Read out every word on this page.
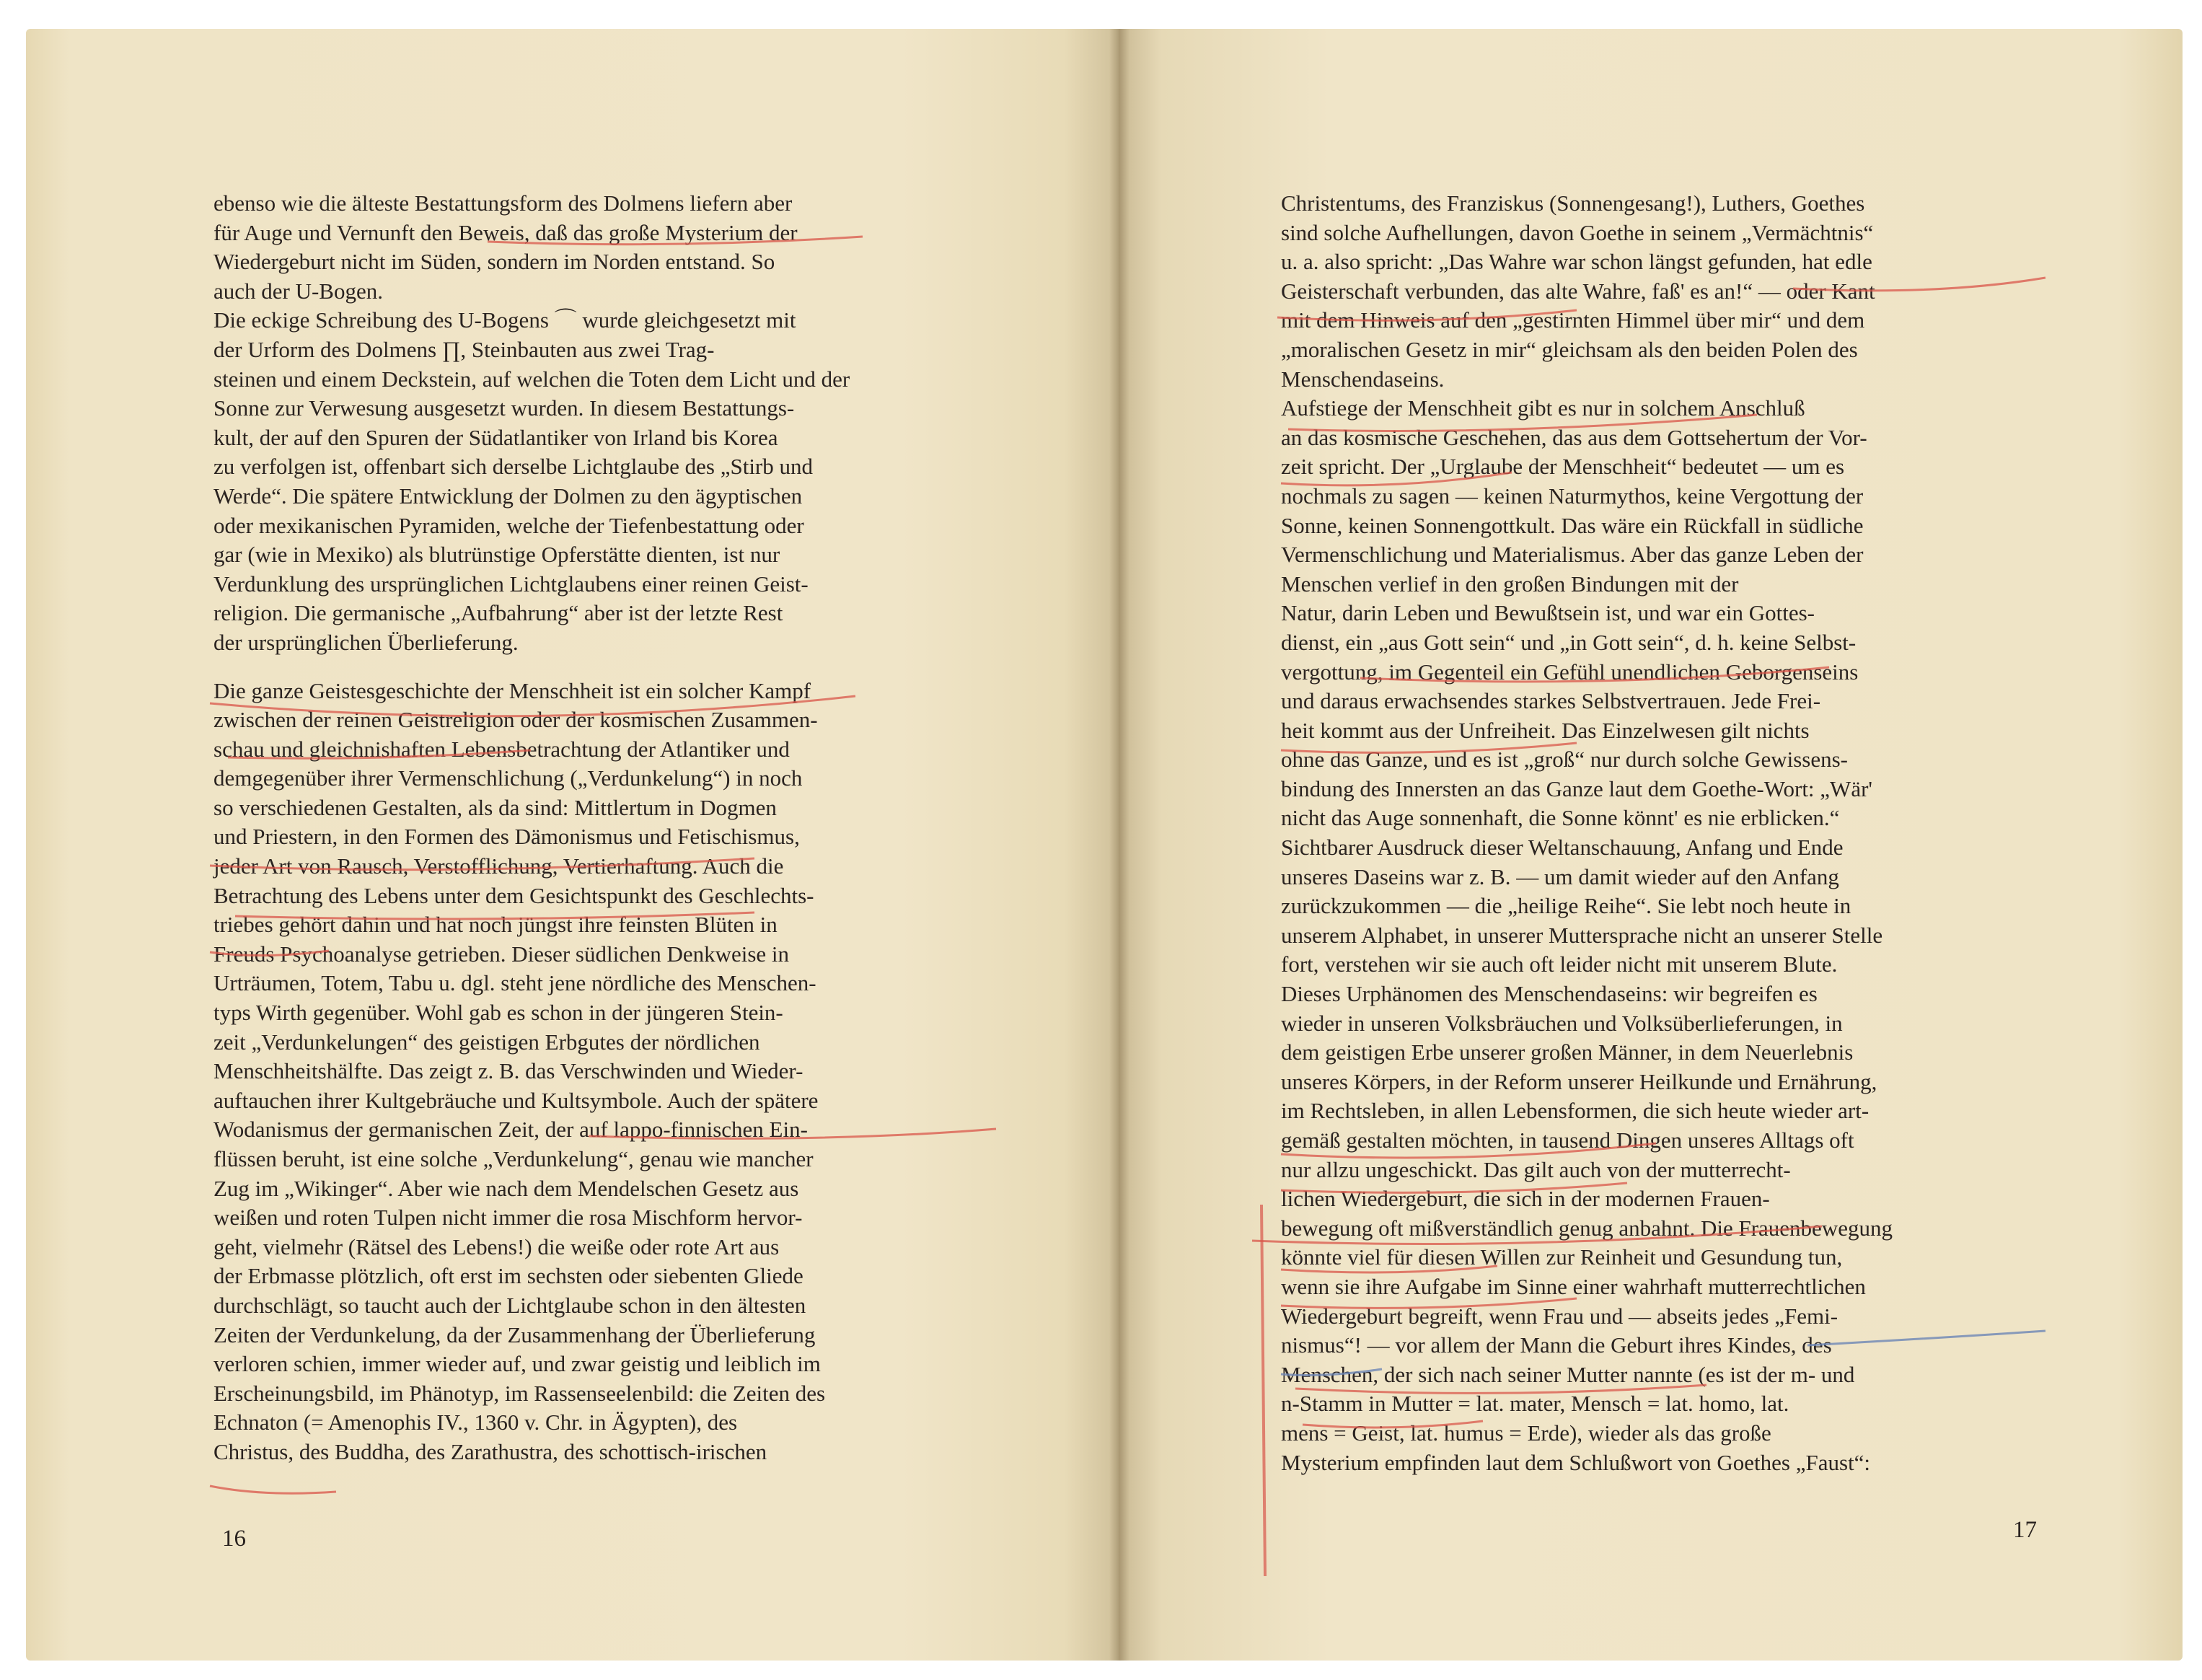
ebenso wie die älteste Bestattungsform des Dolmens liefern aber
für Auge und Vernunft den Beweis, daß das große Mysterium der
Wiedergeburt nicht im Süden, sondern im Norden entstand. So
auch der U-Bogen.
Die eckige Schreibung des U-Bogens ⌒ wurde gleichgesetzt mit
der Urform des Dolmens ∏, Steinbauten aus zwei Trag-
steinen und einem Deckstein, auf welchen die Toten dem Licht und der
Sonne zur Verwesung ausgesetzt wurden. In diesem Bestattungs-
kult, der auf den Spuren der Südatlantiker von Irland bis Korea
zu verfolgen ist, offenbart sich derselbe Lichtglaube des „Stirb und
Werde“. Die spätere Entwicklung der Dolmen zu den ägyptischen
oder mexikanischen Pyramiden, welche der Tiefenbestattung oder
gar (wie in Mexiko) als blutrünstige Opferstätte dienten, ist nur
Verdunklung des ursprünglichen Lichtglaubens einer reinen Geist-
religion. Die germanische „Aufbahrung“ aber ist der letzte Rest
der ursprünglichen Überlieferung.
Die ganze Geistesgeschichte der Menschheit ist ein solcher Kampf
zwischen der reinen Geistreligion oder der kosmischen Zusammen-
schau und gleichnishaften Lebensbetrachtung der Atlantiker und
demgegenüber ihrer Vermenschlichung („Verdunkelung“) in noch
so verschiedenen Gestalten, als da sind: Mittlertum in Dogmen
und Priestern, in den Formen des Dämonismus und Fetischismus,
jeder Art von Rausch, Verstofflichung, Vertierhaftung. Auch die
Betrachtung des Lebens unter dem Gesichtspunkt des Geschlechts-
triebes gehört dahin und hat noch jüngst ihre feinsten Blüten in
Freuds Psychoanalyse getrieben. Dieser südlichen Denkweise in
Urträumen, Totem, Tabu u. dgl. steht jene nördliche des Menschen-
typs Wirth gegenüber. Wohl gab es schon in der jüngeren Stein-
zeit „Verdunkelungen“ des geistigen Erbgutes der nördlichen
Menschheitshälfte. Das zeigt z. B. das Verschwinden und Wieder-
auftauchen ihrer Kultgebräuche und Kultsymbole. Auch der spätere
Wodanismus der germanischen Zeit, der auf lappo-finnischen Ein-
flüssen beruht, ist eine solche „Verdunkelung“, genau wie mancher
Zug im „Wikinger“. Aber wie nach dem Mendelschen Gesetz aus
weißen und roten Tulpen nicht immer die rosa Mischform hervor-
geht, vielmehr (Rätsel des Lebens!) die weiße oder rote Art aus
der Erbmasse plötzlich, oft erst im sechsten oder siebenten Gliede
durchschlägt, so taucht auch der Lichtglaube schon in den ältesten
Zeiten der Verdunkelung, da der Zusammenhang der Überlieferung
verloren schien, immer wieder auf, und zwar geistig und leiblich im
Erscheinungsbild, im Phänotyp, im Rassenseelenbild: die Zeiten des
Echnaton (= Amenophis IV., 1360 v. Chr. in Ägypten), des
Christus, des Buddha, des Zarathustra, des schottisch-irischen
16
Christentums, des Franziskus (Sonnengesang!), Luthers, Goethes
sind solche Aufhellungen, davon Goethe in seinem „Vermächtnis“
u. a. also spricht: „Das Wahre war schon längst gefunden, hat edle
Geisterschaft verbunden, das alte Wahre, faß' es an!“ — oder Kant
mit dem Hinweis auf den „gestirnten Himmel über mir“ und dem
„moralischen Gesetz in mir“ gleichsam als den beiden Polen des
Menschendaseins.
Aufstiege der Menschheit gibt es nur in solchem Anschluß
an das kosmische Geschehen, das aus dem Gottsehertum der Vor-
zeit spricht. Der „Urglaube der Menschheit“ bedeutet — um es
nochmals zu sagen — keinen Naturmythos, keine Vergottung der
Sonne, keinen Sonnengottkult. Das wäre ein Rückfall in südliche
Vermenschlichung und Materialismus. Aber das ganze Leben der
Menschen verlief in den großen Bindungen mit der
Natur, darin Leben und Bewußtsein ist, und war ein Gottes-
dienst, ein „aus Gott sein“ und „in Gott sein“, d. h. keine Selbst-
vergottung, im Gegenteil ein Gefühl unendlichen Geborgenseins
und daraus erwachsendes starkes Selbstvertrauen. Jede Frei-
heit kommt aus der Unfreiheit. Das Einzelwesen gilt nichts
ohne das Ganze, und es ist „groß“ nur durch solche Gewissens-
bindung des Innersten an das Ganze laut dem Goethe-Wort: „Wär'
nicht das Auge sonnenhaft, die Sonne könnt' es nie erblicken.“
Sichtbarer Ausdruck dieser Weltanschauung, Anfang und Ende
unseres Daseins war z. B. — um damit wieder auf den Anfang
zurückzukommen — die „heilige Reihe“. Sie lebt noch heute in
unserem Alphabet, in unserer Muttersprache nicht an unserer Stelle
fort, verstehen wir sie auch oft leider nicht mit unserem Blute.
Dieses Urphänomen des Menschendaseins: wir begreifen es
wieder in unseren Volksbräuchen und Volksüberlieferungen, in
dem geistigen Erbe unserer großen Männer, in dem Neuerlebnis
unseres Körpers, in der Reform unserer Heilkunde und Ernährung,
im Rechtsleben, in allen Lebensformen, die sich heute wieder art-
gemäß gestalten möchten, in tausend Dingen unseres Alltags oft
nur allzu ungeschickt. Das gilt auch von der mutterrecht-
lichen Wiedergeburt, die sich in der modernen Frauen-
bewegung oft mißverständlich genug anbahnt. Die Frauenbewegung
könnte viel für diesen Willen zur Reinheit und Gesundung tun,
wenn sie ihre Aufgabe im Sinne einer wahrhaft mutterrechtlichen
Wiedergeburt begreift, wenn Frau und — abseits jedes „Femi-
nismus“! — vor allem der Mann die Geburt ihres Kindes, des
Menschen, der sich nach seiner Mutter nannte (es ist der m- und
n-Stamm in Mutter = lat. mater, Mensch = lat. homo, lat.
mens = Geist, lat. humus = Erde), wieder als das große
Mysterium empfinden laut dem Schlußwort von Goethes „Faust“:
17
